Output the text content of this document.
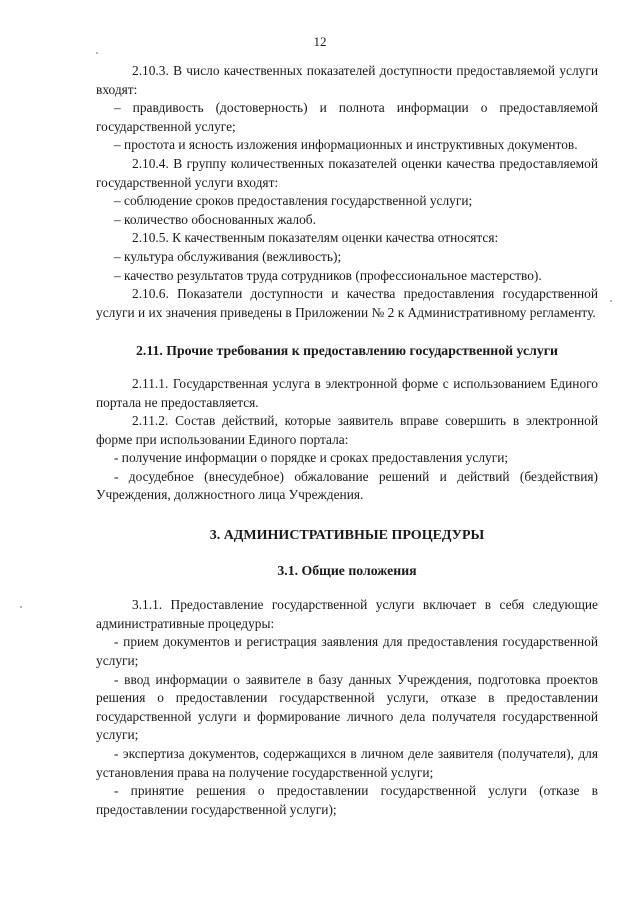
12

2.10.3. В число качественных показателей доступности предоставляемой услуги входят:

– правдивость (достоверность) и полнота информации о предоставляемой государственной услуге;

– простота и ясность изложения информационных и инструктивных документов.

2.10.4. В группу количественных показателей оценки качества предоставляемой государственной услуги входят:

– соблюдение сроков предоставления государственной услуги;

– количество обоснованных жалоб.

2.10.5. К качественным показателям оценки качества относятся:

– культура обслуживания (вежливость);

– качество результатов труда сотрудников (профессиональное мастерство).

2.10.6. Показатели доступности и качества предоставления государственной услуги и их значения приведены в Приложении № 2 к Административному регламенту.

2.11. Прочие требования к предоставлению государственной услуги

2.11.1. Государственная услуга в электронной форме с использованием Единого портала не предоставляется.

2.11.2. Состав действий, которые заявитель вправе совершить в электронной форме при использовании Единого портала:

- получение информации о порядке и сроках предоставления услуги;

- досудебное (внесудебное) обжалование решений и действий (бездействия) Учреждения, должностного лица Учреждения.

3. АДМИНИСТРАТИВНЫЕ ПРОЦЕДУРЫ

3.1. Общие положения

3.1.1. Предоставление государственной услуги включает в себя следующие административные процедуры:

- прием документов и регистрация заявления для предоставления государственной услуги;

- ввод информации о заявителе в базу данных Учреждения, подготовка проектов решения о предоставлении государственной услуги, отказе в предоставлении государственной услуги и формирование личного дела получателя государственной услуги;

- экспертиза документов, содержащихся в личном деле заявителя (получателя), для установления права на получение государственной услуги;

- принятие решения о предоставлении государственной услуги (отказе в предоставлении государственной услуги);
